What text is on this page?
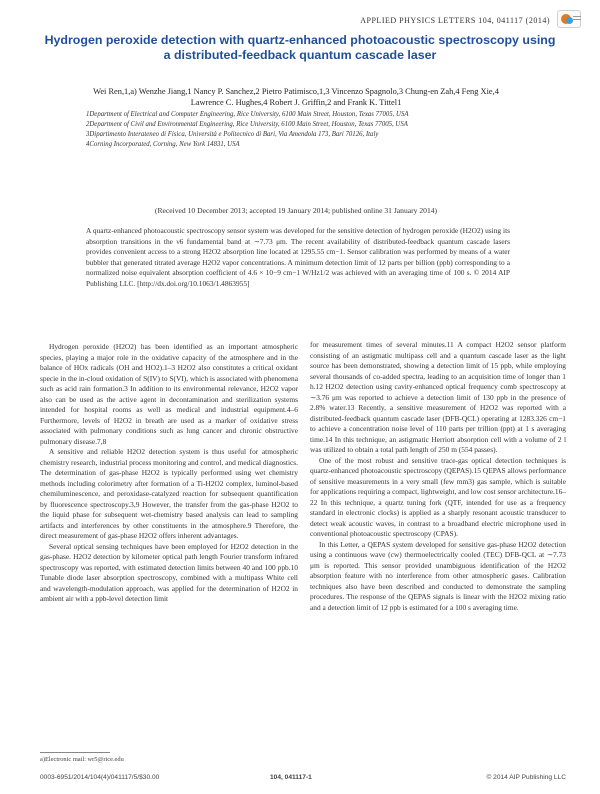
APPLIED PHYSICS LETTERS 104, 041117 (2014)
Hydrogen peroxide detection with quartz-enhanced photoacoustic spectroscopy using a distributed-feedback quantum cascade laser
Wei Ren,1,a) Wenzhe Jiang,1 Nancy P. Sanchez,2 Pietro Patimisco,1,3 Vincenzo Spagnolo,3 Chung-en Zah,4 Feng Xie,4 Lawrence C. Hughes,4 Robert J. Griffin,2 and Frank K. Tittel1
1Department of Electrical and Computer Engineering, Rice University, 6100 Main Street, Houston, Texas 77005, USA
2Department of Civil and Environmental Engineering, Rice University, 6100 Main Street, Houston, Texas 77005, USA
3Dipartimento Interateneo di Fisica, Università e Politecnico di Bari, Via Amendola 173, Bari 70126, Italy
4Corning Incorporated, Corning, New York 14831, USA
(Received 10 December 2013; accepted 19 January 2014; published online 31 January 2014)
A quartz-enhanced photoacoustic spectroscopy sensor system was developed for the sensitive detection of hydrogen peroxide (H2O2) using its absorption transitions in the ν6 fundamental band at ∼7.73 μm. The recent availability of distributed-feedback quantum cascade lasers provides convenient access to a strong H2O2 absorption line located at 1295.55 cm−1. Sensor calibration was performed by means of a water bubbler that generated titrated average H2O2 vapor concentrations. A minimum detection limit of 12 parts per billion (ppb) corresponding to a normalized noise equivalent absorption coefficient of 4.6 × 10−9 cm−1 W/Hz1/2 was achieved with an averaging time of 100 s. © 2014 AIP Publishing LLC. [http://dx.doi.org/10.1063/1.4863955]

Hydrogen peroxide (H2O2) has been identified as an important atmospheric species, playing a major role in the oxidative capacity of the atmosphere and in the balance of HOx radicals (OH and HO2).1–3 H2O2 also constitutes a critical oxidant specie in the in-cloud oxidation of S(IV) to S(VI), which is associated with phenomena such as acid rain formation.3 In addition to its environmental relevance, H2O2 vapor also can be used as the active agent in decontamination and sterilization systems intended for hospital rooms as well as medical and industrial equipment.4–6 Furthermore, levels of H2O2 in breath are used as a marker of oxidative stress associated with pulmonary conditions such as lung cancer and chronic obstructive pulmonary disease.7,8

A sensitive and reliable H2O2 detection system is thus useful for atmospheric chemistry research, industrial process monitoring and control, and medical diagnostics. The determination of gas-phase H2O2 is typically performed using wet chemistry methods including colorimetry after formation of a Ti-H2O2 complex, luminol-based chemiluminescence, and peroxidase-catalyzed reaction for subsequent quantification by fluorescence spectroscopy.3,9 However, the transfer from the gas-phase H2O2 to the liquid phase for subsequent wet-chemistry based analysis can lead to sampling artifacts and interferences by other constituents in the atmosphere.9 Therefore, the direct measurement of gas-phase H2O2 offers inherent advantages.

Several optical sensing techniques have been employed for H2O2 detection in the gas-phase. H2O2 detection by kilometer optical path length Fourier transform infrared spectroscopy was reported, with estimated detection limits between 40 and 100 ppb.10 Tunable diode laser absorption spectroscopy, combined with a multipass White cell and wavelength-modulation approach, was applied for the determination of H2O2 in ambient air with a ppb-level detection limit

for measurement times of several minutes.11 A compact H2O2 sensor platform consisting of an astigmatic multipass cell and a quantum cascade laser as the light source has been demonstrated, showing a detection limit of 15 ppb, while employing several thousands of co-added spectra, leading to an acquisition time of longer than 1 h.12 H2O2 detection using cavity-enhanced optical frequency comb spectroscopy at ∼3.76 μm was reported to achieve a detection limit of 130 ppb in the presence of 2.8% water.13 Recently, a sensitive measurement of H2O2 was reported with a distributed-feedback quantum cascade laser (DFB-QCL) operating at 1283.326 cm−1 to achieve a concentration noise level of 110 parts per trillion (ppt) at 1 s averaging time.14 In this technique, an astigmatic Herriott absorption cell with a volume of 2 l was utilized to obtain a total path length of 250 m (554 passes).

One of the most robust and sensitive trace-gas optical detection techniques is quartz-enhanced photoacoustic spectroscopy (QEPAS).15 QEPAS allows performance of sensitive measurements in a very small (few mm3) gas sample, which is suitable for applications requiring a compact, lightweight, and low cost sensor architecture.16–22 In this technique, a quartz tuning fork (QTF, intended for use as a frequency standard in electronic clocks) is applied as a sharply resonant acoustic transducer to detect weak acoustic waves, in contrast to a broadband electric microphone used in conventional photoacoustic spectroscopy (CPAS).

In this Letter, a QEPAS system developed for sensitive gas-phase H2O2 detection using a continuous wave (cw) thermoelectrically cooled (TEC) DFB-QCL at ∼7.73 μm is reported. This sensor provided unambiguous identification of the H2O2 absorption feature with no interference from other atmospheric gases. Calibration techniques also have been described and conducted to demonstrate the sampling procedures. The response of the QEPAS signals is linear with the H2O2 mixing ratio and a detection limit of 12 ppb is estimated for a 100 s averaging time.

a)Electronic mail: wr5@rice.edu
0003-6951/2014/104(4)/041117/5/$30.00	104, 041117-1	© 2014 AIP Publishing LLC
